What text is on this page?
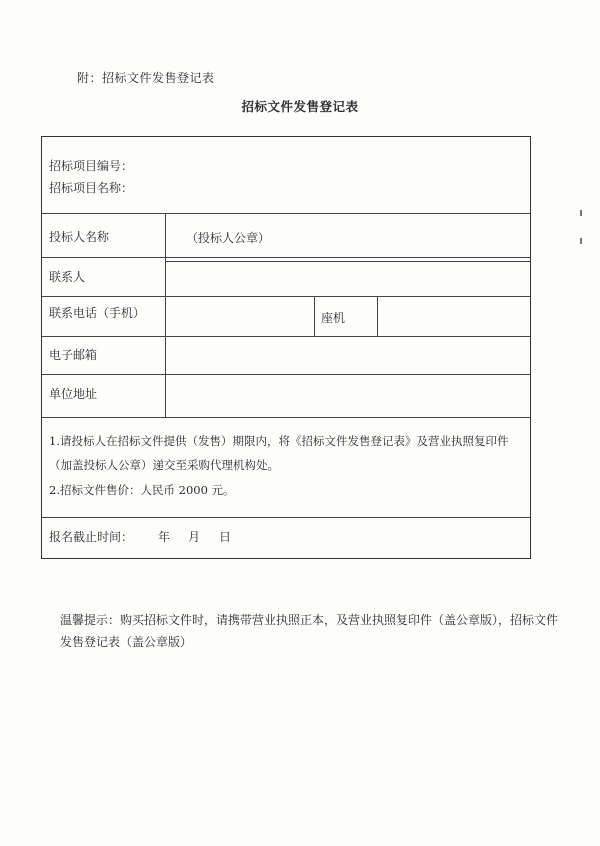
附：招标文件发售登记表
招标文件发售登记表
招标项目编号：
招标项目名称：
投标人名称	（投标人公章）
联系人
联系电话（手机）	座机
电子邮箱
单位地址
1.请投标人在招标文件提供（发售）期限内，将《招标文件发售登记表》及营业执照复印件
（加盖投标人公章）递交至采购代理机构处。
2.招标文件售价：人民币 2000 元。
报名截止时间： 年 月 日
温馨提示：购买招标文件时，请携带营业执照正本，及营业执照复印件（盖公章版），招标文件发售登记表（盖公章版）
